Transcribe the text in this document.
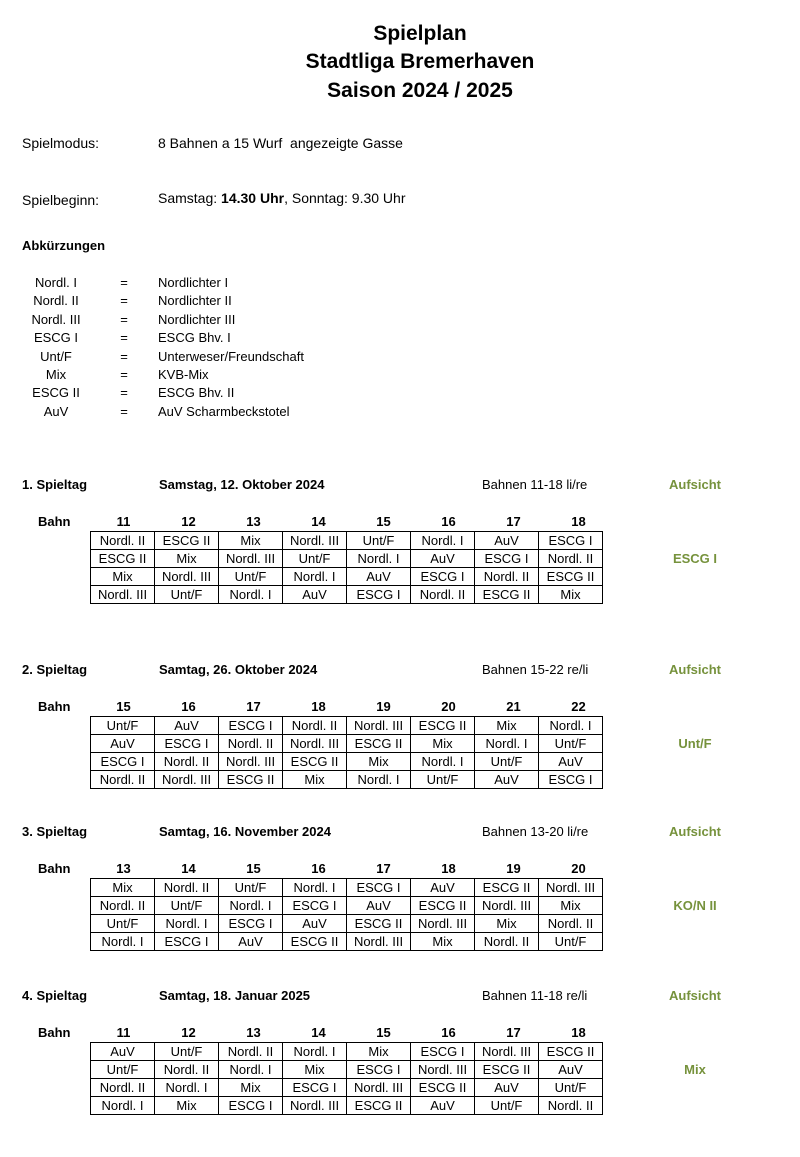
Spielplan
Stadtliga Bremerhaven
Saison 2024 / 2025
Spielmodus:	8 Bahnen a 15 Wurf  angezeigte Gasse
Spielbeginn:	Samstag: 14.30 Uhr, Sonntag: 9.30 Uhr
Abkürzungen
Nordl. I	= Nordlichter I
Nordl. II	= Nordlichter II
Nordl. III	= Nordlichter III
ESCG I	= ESCG Bhv. I
Unt/F	= Unterweser/Freundschaft
Mix	= KVB-Mix
ESCG II	= ESCG Bhv. II
AuV	= AuV Scharmbeckstotel
1. Spieltag	Samstag, 12. Oktober 2024	Bahnen 11-18 li/re	Aufsicht
Bahn	11	12	13	14	15	16	17	18
Nordl. II	ESCG II	Mix	Nordl. III	Unt/F	Nordl. I	AuV	ESCG I
ESCG II	Mix	Nordl. III	Unt/F	Nordl. I	AuV	ESCG I	Nordl. II
Mix	Nordl. III	Unt/F	Nordl. I	AuV	ESCG I	Nordl. II	ESCG II
Nordl. III	Unt/F	Nordl. I	AuV	ESCG I	Nordl. II	ESCG II	Mix
ESCG I
2. Spieltag	Samtag, 26. Oktober 2024	Bahnen 15-22 re/li	Aufsicht
Bahn	15	16	17	18	19	20	21	22
Unt/F	AuV	ESCG I	Nordl. II	Nordl. III	ESCG II	Mix	Nordl. I
AuV	ESCG I	Nordl. II	Nordl. III	ESCG II	Mix	Nordl. I	Unt/F
ESCG I	Nordl. II	Nordl. III	ESCG II	Mix	Nordl. I	Unt/F	AuV
Nordl. II	Nordl. III	ESCG II	Mix	Nordl. I	Unt/F	AuV	ESCG I
Unt/F
3. Spieltag	Samtag, 16. November 2024	Bahnen 13-20 li/re	Aufsicht
Bahn	13	14	15	16	17	18	19	20
Mix	Nordl. II	Unt/F	Nordl. I	ESCG I	AuV	ESCG II	Nordl. III
Nordl. II	Unt/F	Nordl. I	ESCG I	AuV	ESCG II	Nordl. III	Mix
Unt/F	Nordl. I	ESCG I	AuV	ESCG II	Nordl. III	Mix	Nordl. II
Nordl. I	ESCG I	AuV	ESCG II	Nordl. III	Mix	Nordl. II	Unt/F
KO/N II
4. Spieltag	Samtag, 18. Januar 2025	Bahnen 11-18 re/li	Aufsicht
Bahn	11	12	13	14	15	16	17	18
AuV	Unt/F	Nordl. II	Nordl. I	Mix	ESCG I	Nordl. III	ESCG II
Unt/F	Nordl. II	Nordl. I	Mix	ESCG I	Nordl. III	ESCG II	AuV
Nordl. II	Nordl. I	Mix	ESCG I	Nordl. III	ESCG II	AuV	Unt/F
Nordl. I	Mix	ESCG I	Nordl. III	ESCG II	AuV	Unt/F	Nordl. II
Mix
